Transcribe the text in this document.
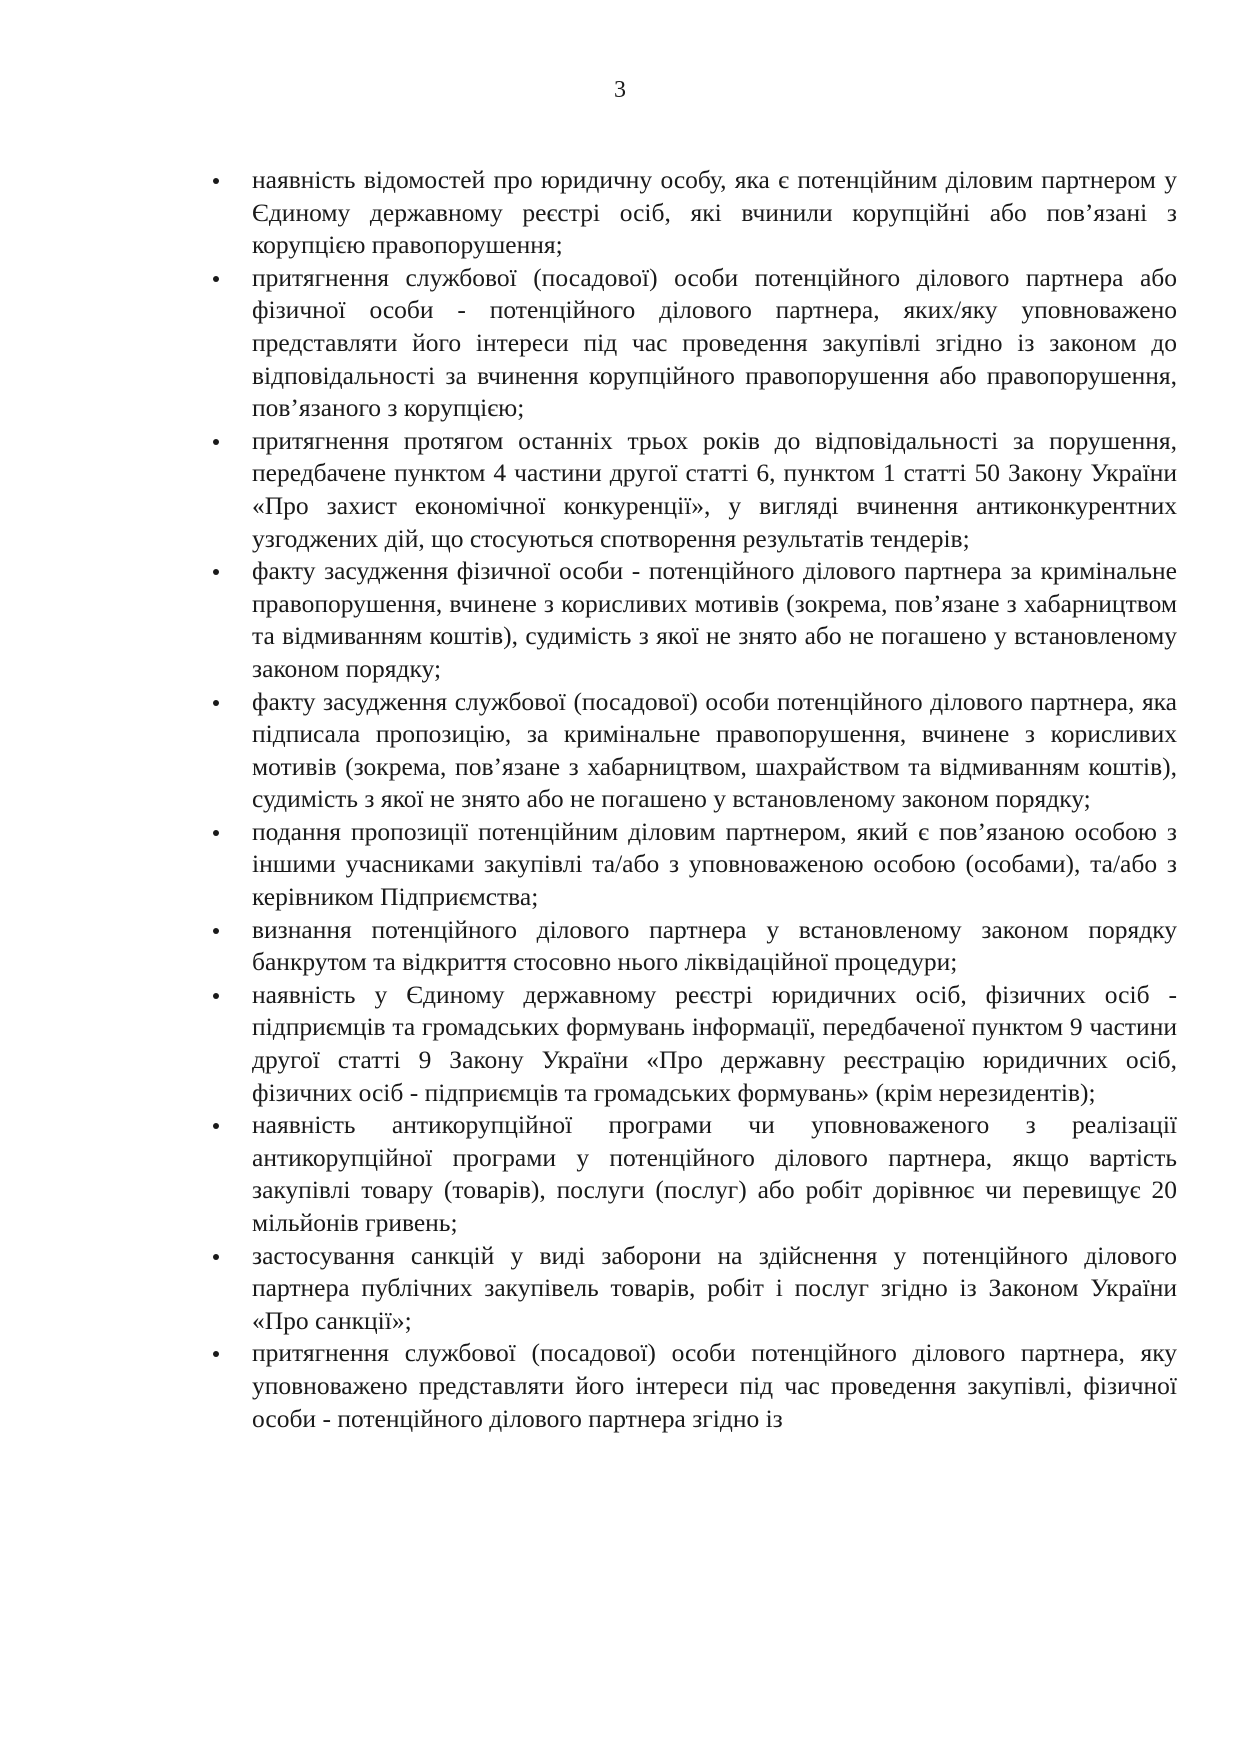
3
наявність відомостей про юридичну особу, яка є потенційним діловим партнером у Єдиному державному реєстрі осіб, які вчинили корупційні або пов’язані з корупцією правопорушення;
притягнення службової (посадової) особи потенційного ділового партнера або фізичної особи - потенційного ділового партнера, яких/яку уповноважено представляти його інтереси під час проведення закупівлі згідно із законом до відповідальності за вчинення корупційного правопорушення або правопорушення, пов’язаного з корупцією;
притягнення протягом останніх трьох років до відповідальності за порушення, передбачене пунктом 4 частини другої статті 6, пунктом 1 статті 50 Закону України «Про захист економічної конкуренції», у вигляді вчинення антиконкурентних узгоджених дій, що стосуються спотворення результатів тендерів;
факту засудження фізичної особи - потенційного ділового партнера за кримінальне правопорушення, вчинене з корисливих мотивів (зокрема, пов’язане з хабарництвом та відмиванням коштів), судимість з якої не знято або не погашено у встановленому законом порядку;
факту засудження службової (посадової) особи потенційного ділового партнера, яка підписала пропозицію, за кримінальне правопорушення, вчинене з корисливих мотивів (зокрема, пов’язане з хабарництвом, шахрайством та відмиванням коштів), судимість з якої не знято або не погашено у встановленому законом порядку;
подання пропозиції потенційним діловим партнером, який є пов’язаною особою з іншими учасниками закупівлі та/або з уповноваженою особою (особами), та/або з керівником Підприємства;
визнання потенційного ділового партнера у встановленому законом порядку банкрутом та відкриття стосовно нього ліквідаційної процедури;
наявність у Єдиному державному реєстрі юридичних осіб, фізичних осіб - підприємців та громадських формувань інформації, передбаченої пунктом 9 частини другої статті 9 Закону України «Про державну реєстрацію юридичних осіб, фізичних осіб - підприємців та громадських формувань» (крім нерезидентів);
наявність антикорупційної програми чи уповноваженого з реалізації антикорупційної програми у потенційного ділового партнера, якщо вартість закупівлі товару (товарів), послуги (послуг) або робіт дорівнює чи перевищує 20 мільйонів гривень;
застосування санкцій у виді заборони на здійснення у потенційного ділового партнера публічних закупівель товарів, робіт і послуг згідно із Законом України «Про санкції»;
притягнення службової (посадової) особи потенційного ділового партнера, яку уповноважено представляти його інтереси під час проведення закупівлі, фізичної особи - потенційного ділового партнера згідно із
